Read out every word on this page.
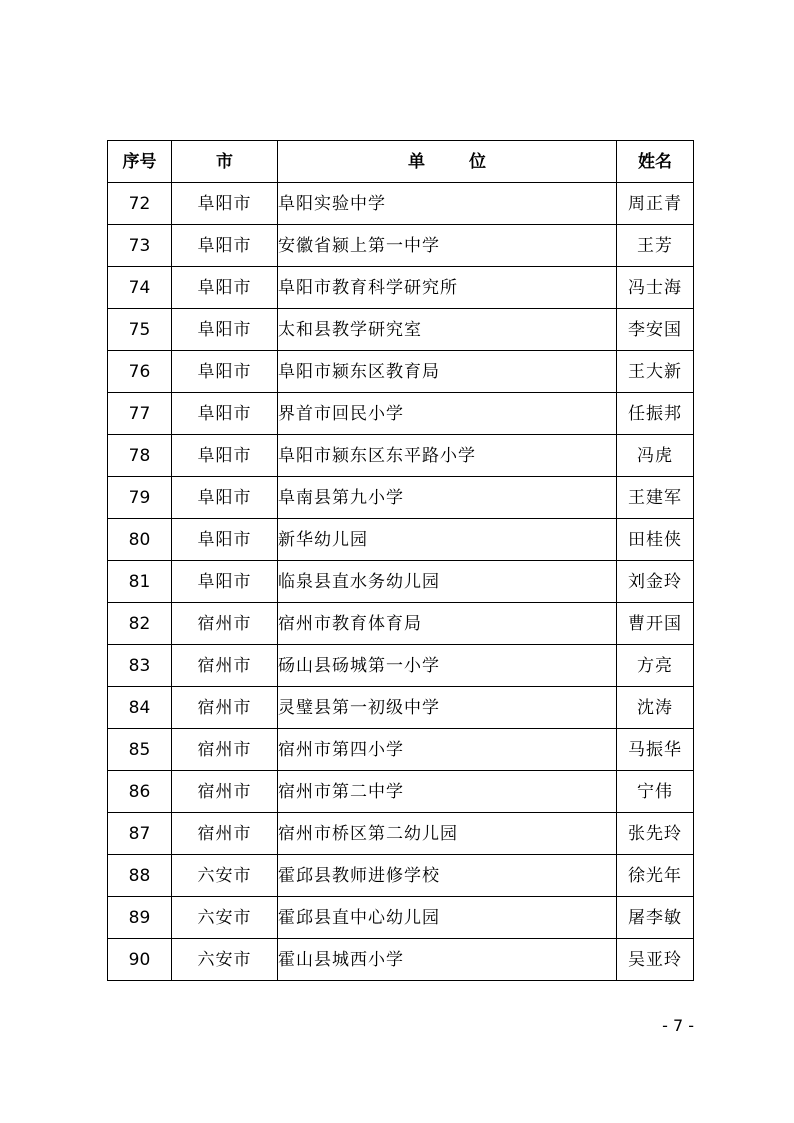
序号	市	单位	姓名
72	阜阳市	阜阳实验中学	周正青
73	阜阳市	安徽省颍上第一中学	王芳
74	阜阳市	阜阳市教育科学研究所	冯士海
75	阜阳市	太和县教学研究室	李安国
76	阜阳市	阜阳市颍东区教育局	王大新
77	阜阳市	界首市回民小学	任振邦
78	阜阳市	阜阳市颍东区东平路小学	冯虎
79	阜阳市	阜南县第九小学	王建军
80	阜阳市	新华幼儿园	田桂侠
81	阜阳市	临泉县直水务幼儿园	刘金玲
82	宿州市	宿州市教育体育局	曹开国
83	宿州市	砀山县砀城第一小学	方亮
84	宿州市	灵璧县第一初级中学	沈涛
85	宿州市	宿州市第四小学	马振华
86	宿州市	宿州市第二中学	宁伟
87	宿州市	宿州市桥区第二幼儿园	张先玲
88	六安市	霍邱县教师进修学校	徐光年
89	六安市	霍邱县直中心幼儿园	屠李敏
90	六安市	霍山县城西小学	吴亚玲
- 7 -
